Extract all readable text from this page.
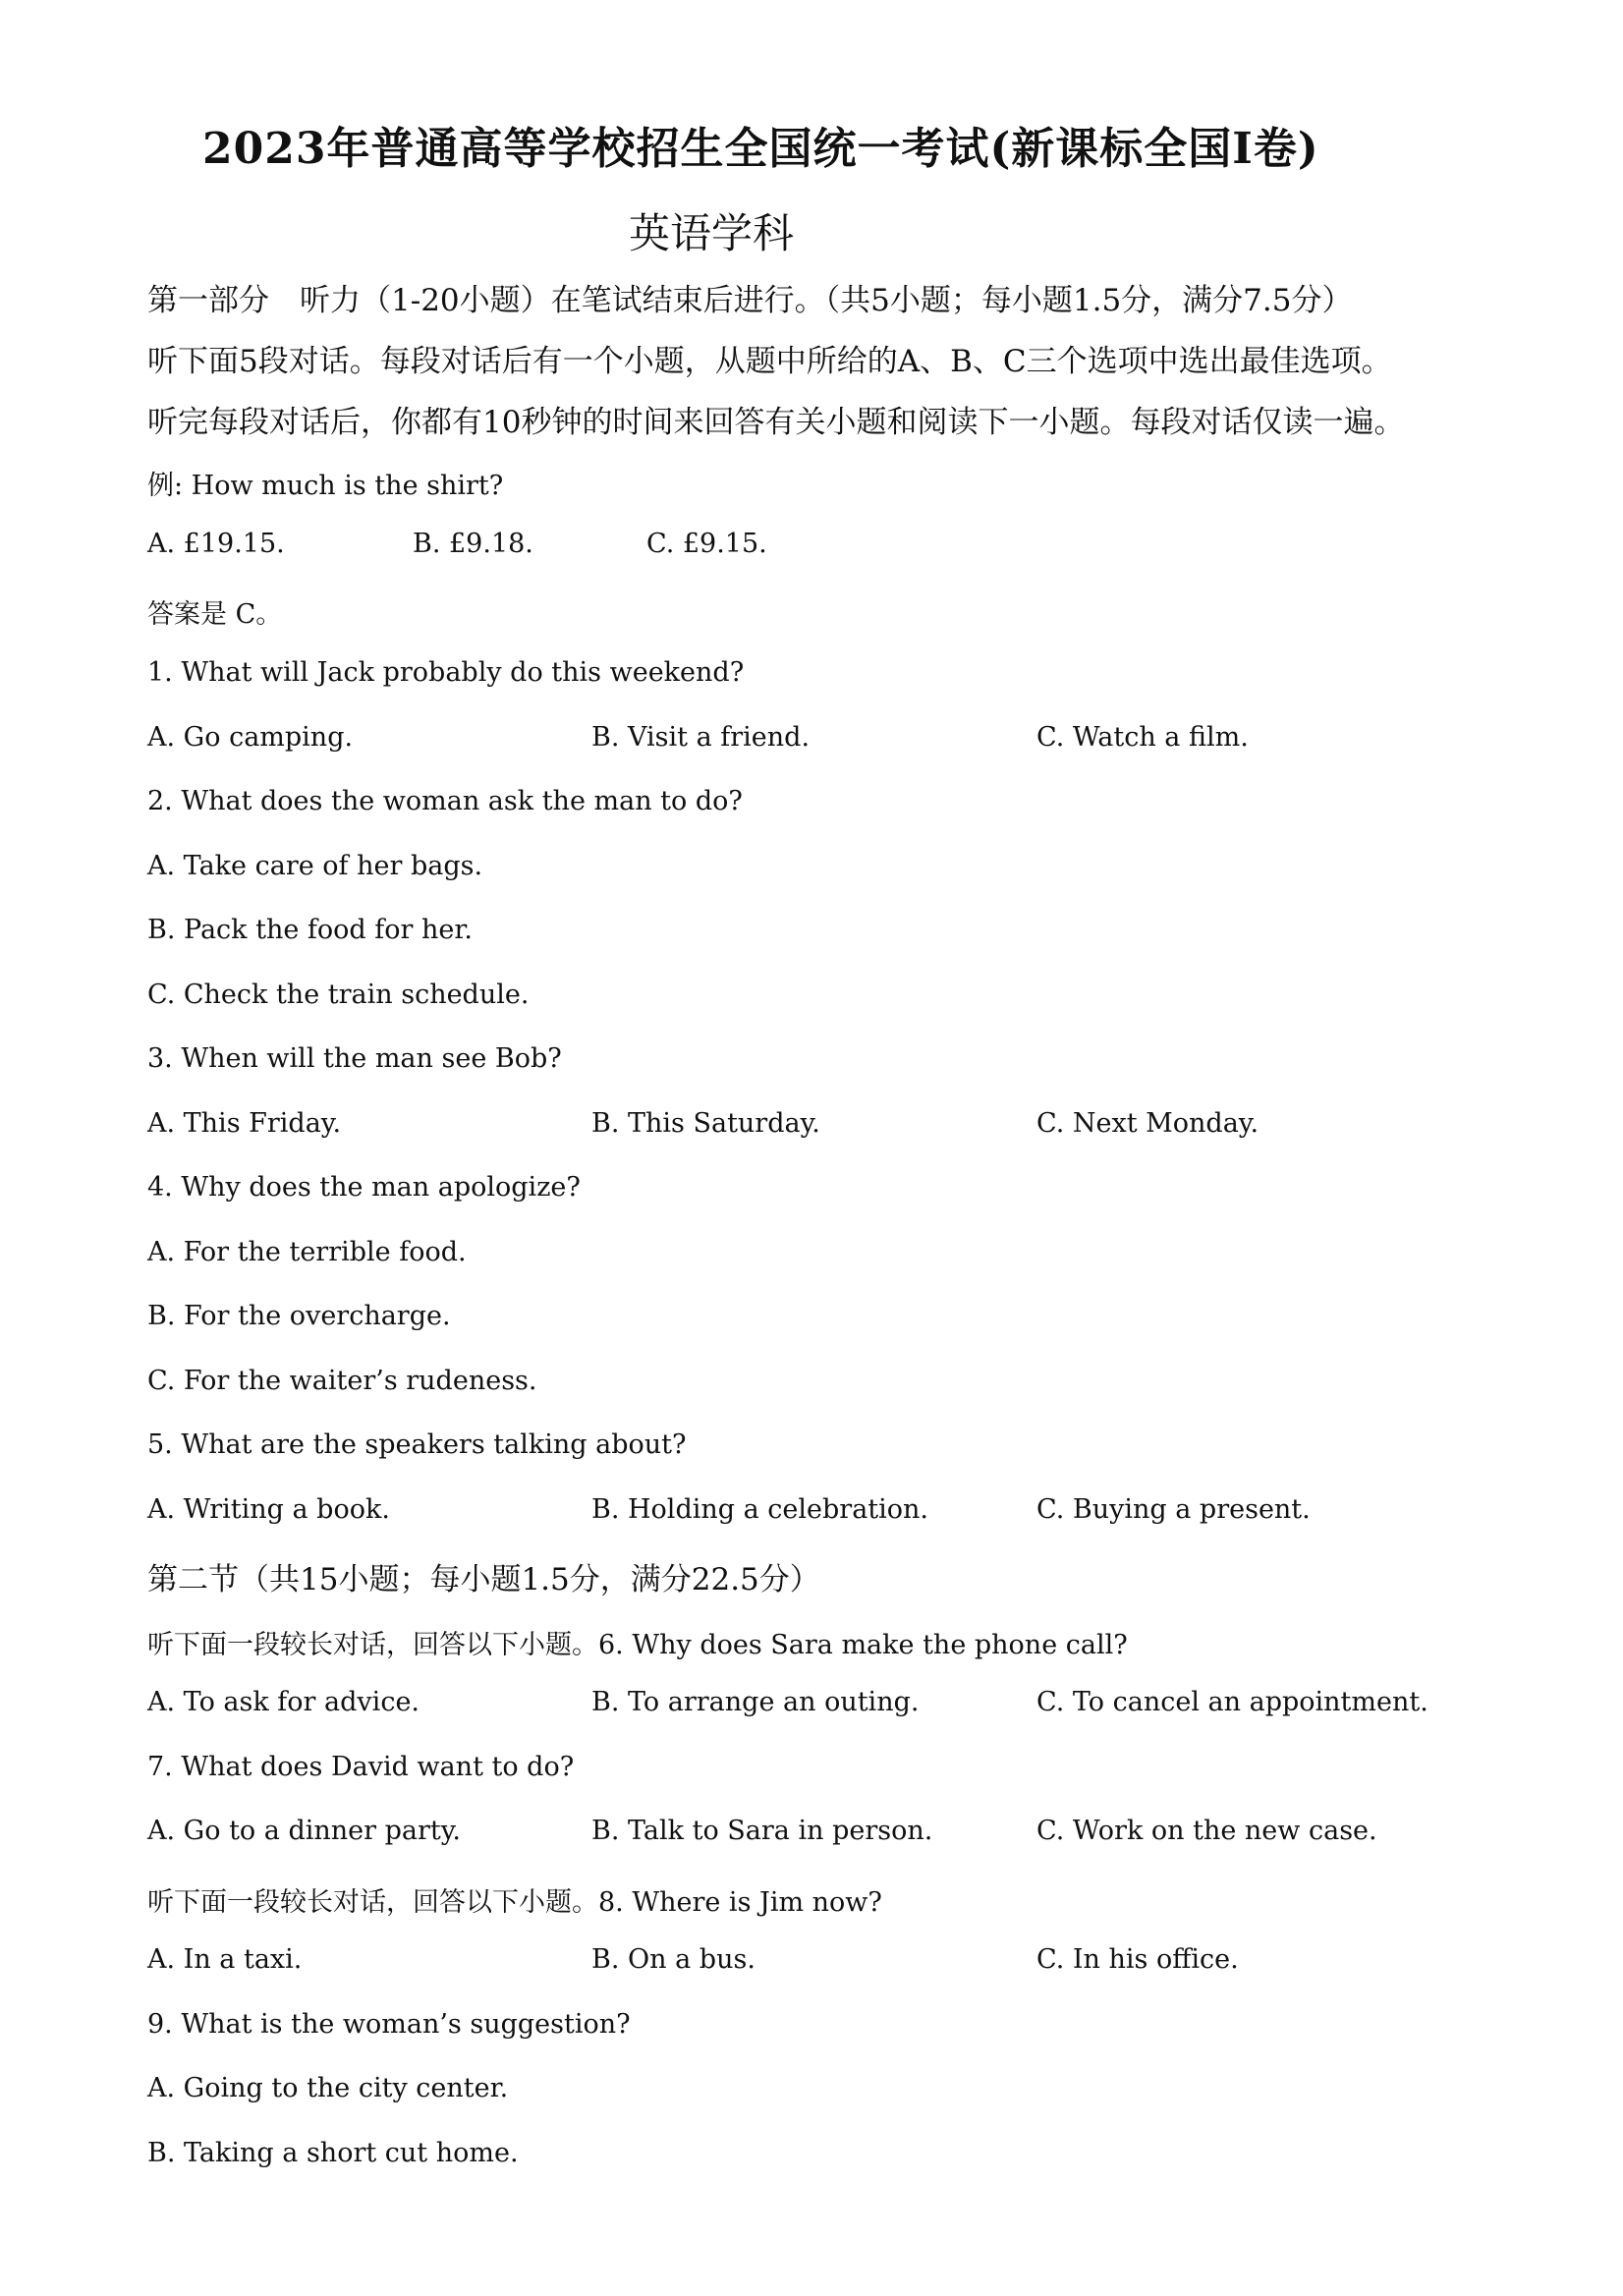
2023年普通高等学校招生全国统一考试(新课标全国Ⅰ卷)
英语学科
第一部分　听力（1-20小题）在笔试结束后进行。（共5小题；每小题1.5分，满分7.5分）
听下面5段对话。每段对话后有一个小题，从题中所给的A、B、C三个选项中选出最佳选项。
听完每段对话后，你都有10秒钟的时间来回答有关小题和阅读下一小题。每段对话仅读一遍。
例: How much is the shirt?
A. £19.15.	B. £9.18.	C. £9.15.
答案是 C。
1. What will Jack probably do this weekend?
A. Go camping.	B. Visit a friend.	C. Watch a film.
2. What does the woman ask the man to do?
A. Take care of her bags.
B. Pack the food for her.
C. Check the train schedule.
3. When will the man see Bob?
A. This Friday.	B. This Saturday.	C. Next Monday.
4. Why does the man apologize?
A. For the terrible food.
B. For the overcharge.
C. For the waiter’s rudeness.
5. What are the speakers talking about?
A. Writing a book.	B. Holding a celebration.	C. Buying a present.
第二节（共15小题；每小题1.5分，满分22.5分）
听下面一段较长对话，回答以下小题。6. Why does Sara make the phone call?
A. To ask for advice.	B. To arrange an outing.	C. To cancel an appointment.
7. What does David want to do?
A. Go to a dinner party.	B. Talk to Sara in person.	C. Work on the new case.
听下面一段较长对话，回答以下小题。8. Where is Jim now?
A. In a taxi.	B. On a bus.	C. In his office.
9. What is the woman’s suggestion?
A. Going to the city center.
B. Taking a short cut home.
